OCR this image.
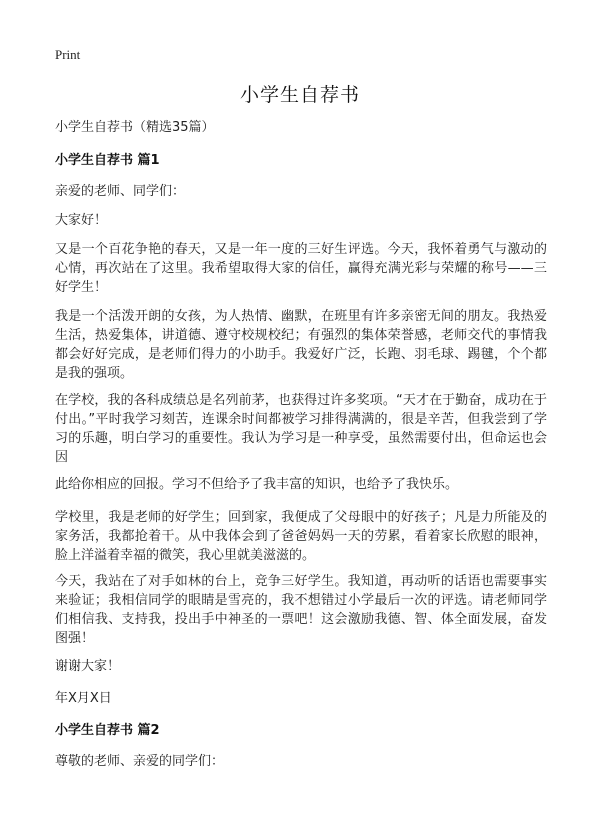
Print
小学生自荐书
小学生自荐书（精选35篇）
小学生自荐书 篇1
亲爱的老师、同学们：
大家好！
又是一个百花争艳的春天，又是一年一度的三好生评选。今天，我怀着勇气与激动的心情，再次站在了这里。我希望取得大家的信任，赢得充满光彩与荣耀的称号——三好学生！
我是一个活泼开朗的女孩，为人热情、幽默，在班里有许多亲密无间的朋友。我热爱生活，热爱集体，讲道德、遵守校规校纪；有强烈的集体荣誉感，老师交代的事情我都会好好完成，是老师们得力的小助手。我爱好广泛，长跑、羽毛球、踢毽，个个都是我的强项。
在学校，我的各科成绩总是名列前茅，也获得过许多奖项。“天才在于勤奋，成功在于付出。”平时我学习刻苦，连课余时间都被学习排得满满的，很是辛苦，但我尝到了学习的乐趣，明白学习的重要性。我认为学习是一种享受，虽然需要付出，但命运也会因
此给你相应的回报。学习不但给予了我丰富的知识，也给予了我快乐。
学校里，我是老师的好学生；回到家，我便成了父母眼中的好孩子；凡是力所能及的家务活，我都抢着干。从中我体会到了爸爸妈妈一天的劳累，看着家长欣慰的眼神，脸上洋溢着幸福的微笑，我心里就美滋滋的。
今天，我站在了对手如林的台上，竞争三好学生。我知道，再动听的话语也需要事实来验证；我相信同学的眼睛是雪亮的，我不想错过小学最后一次的评选。请老师同学们相信我、支持我，投出手中神圣的一票吧！这会激励我德、智、体全面发展，奋发图强！
谢谢大家！
年X月X日
小学生自荐书 篇2
尊敬的老师、亲爱的同学们：
